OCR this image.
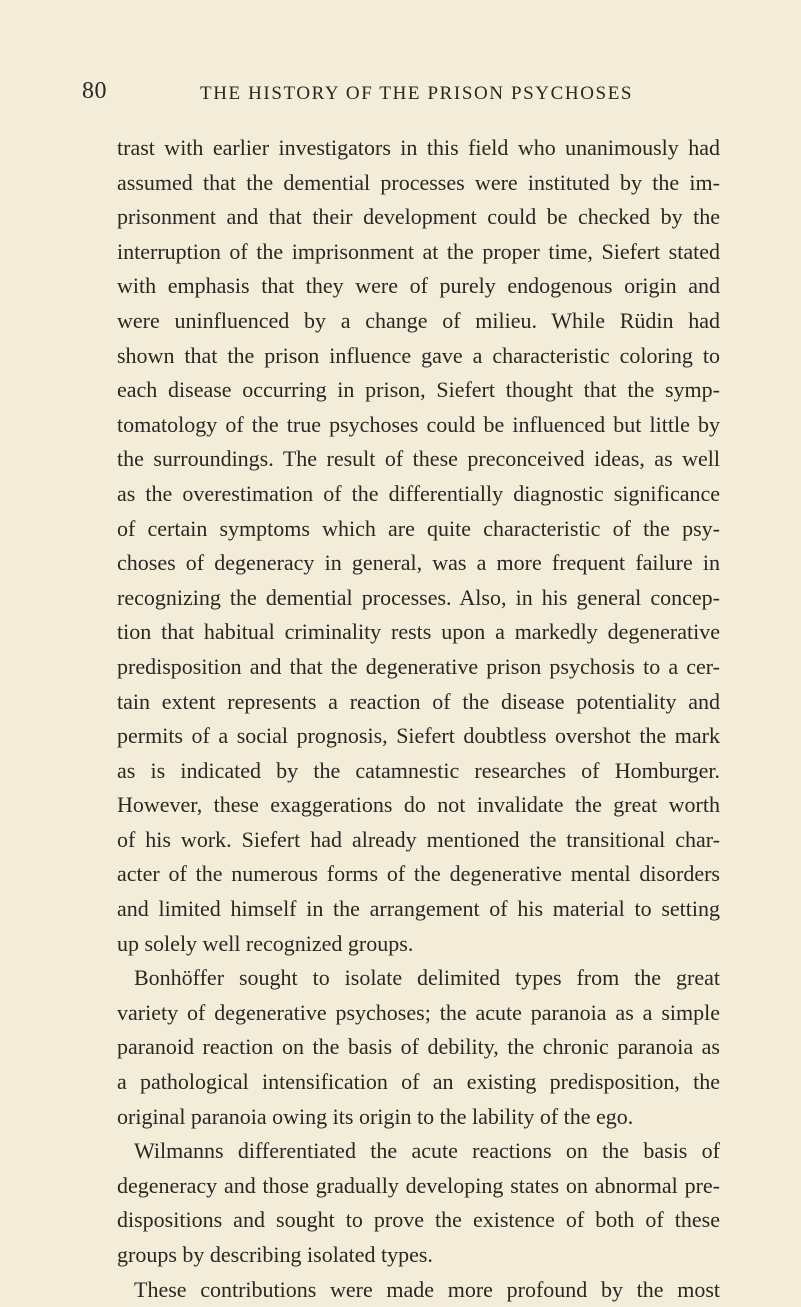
80	THE HISTORY OF THE PRISON PSYCHOSES
trast with earlier investigators in this field who unanimously had
assumed that the demential processes were instituted by the im-
prisonment and that their development could be checked by the
interruption of the imprisonment at the proper time, Siefert stated
with emphasis that they were of purely endogenous origin and
were uninfluenced by a change of milieu. While Rüdin had
shown that the prison influence gave a characteristic coloring to
each disease occurring in prison, Siefert thought that the symp-
tomatology of the true psychoses could be influenced but little by
the surroundings. The result of these preconceived ideas, as well
as the overestimation of the differentially diagnostic significance
of certain symptoms which are quite characteristic of the psy-
choses of degeneracy in general, was a more frequent failure in
recognizing the demential processes. Also, in his general concep-
tion that habitual criminality rests upon a markedly degenerative
predisposition and that the degenerative prison psychosis to a cer-
tain extent represents a reaction of the disease potentiality and
permits of a social prognosis, Siefert doubtless overshot the mark
as is indicated by the catamnestic researches of Homburger.
However, these exaggerations do not invalidate the great worth
of his work. Siefert had already mentioned the transitional char-
acter of the numerous forms of the degenerative mental disorders
and limited himself in the arrangement of his material to setting
up solely well recognized groups.
Bonhöffer sought to isolate delimited types from the great
variety of degenerative psychoses; the acute paranoia as a simple
paranoid reaction on the basis of debility, the chronic paranoia as
a pathological intensification of an existing predisposition, the
original paranoia owing its origin to the lability of the ego.
Wilmanns differentiated the acute reactions on the basis of
degeneracy and those gradually developing states on abnormal pre-
dispositions and sought to prove the existence of both of these
groups by describing isolated types.
These contributions were made more profound by the most
